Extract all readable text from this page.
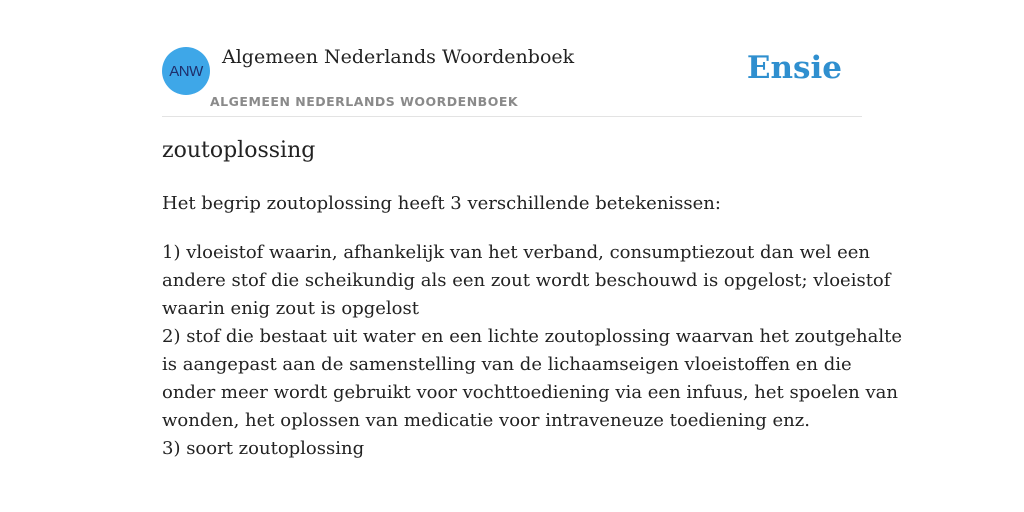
ANW
Algemeen Nederlands Woordenboek
ALGEMEEN NEDERLANDS WOORDENBOEK
Ensie
zoutoplossing
Het begrip zoutoplossing heeft 3 verschillende betekenissen:
1) vloeistof waarin, afhankelijk van het verband, consumptiezout dan wel een
andere stof die scheikundig als een zout wordt beschouwd is opgelost; vloeistof
waarin enig zout is opgelost
2) stof die bestaat uit water en een lichte zoutoplossing waarvan het zoutgehalte
is aangepast aan de samenstelling van de lichaamseigen vloeistoffen en die
onder meer wordt gebruikt voor vochttoediening via een infuus, het spoelen van
wonden, het oplossen van medicatie voor intraveneuze toediening enz.
3) soort zoutoplossing
